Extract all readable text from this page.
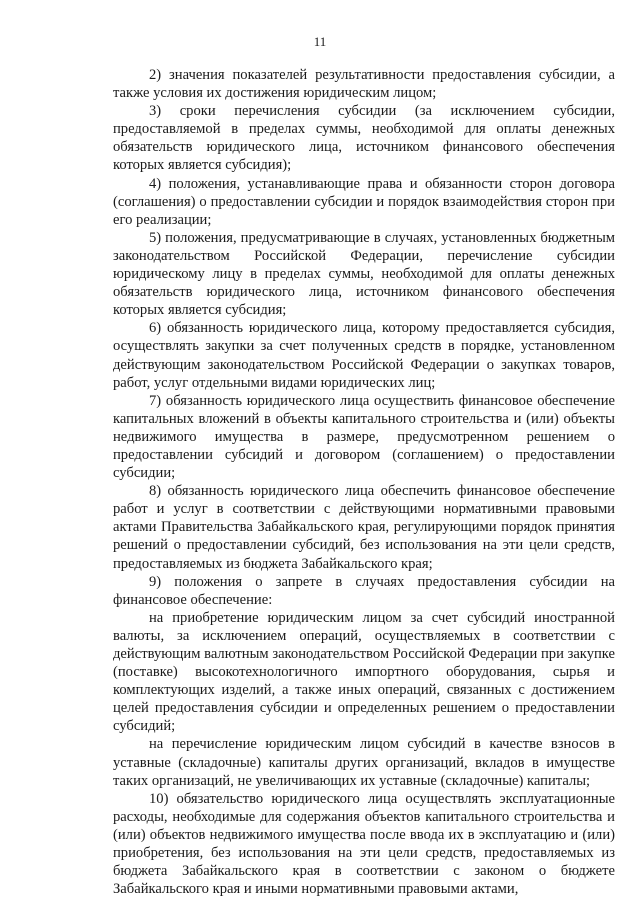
11

2) значения показателей результативности предоставления субсидии, а также условия их достижения юридическим лицом;

3) сроки перечисления субсидии (за исключением субсидии, предоставляемой в пределах суммы, необходимой для оплаты денежных обязательств юридического лица, источником финансового обеспечения которых является субсидия);

4) положения, устанавливающие права и обязанности сторон договора (соглашения) о предоставлении субсидии и порядок взаимодействия сторон при его реализации;

5) положения, предусматривающие в случаях, установленных бюджетным законодательством Российской Федерации, перечисление субсидии юридическому лицу в пределах суммы, необходимой для оплаты денежных обязательств юридического лица, источником финансового обеспечения которых является субсидия;

6) обязанность юридического лица, которому предоставляется субсидия, осуществлять закупки за счет полученных средств в порядке, установленном действующим законодательством Российской Федерации о закупках товаров, работ, услуг отдельными видами юридических лиц;

7) обязанность юридического лица осуществить финансовое обеспечение капитальных вложений в объекты капитального строительства и (или) объекты недвижимого имущества в размере, предусмотренном решением о предоставлении субсидий и договором (соглашением) о предоставлении субсидии;

8) обязанность юридического лица обеспечить финансовое обеспечение работ и услуг в соответствии с действующими нормативными правовыми актами Правительства Забайкальского края, регулирующими порядок принятия решений о предоставлении субсидий, без использования на эти цели средств, предоставляемых из бюджета Забайкальского края;

9) положения о запрете в случаях предоставления субсидии на финансовое обеспечение:

на приобретение юридическим лицом за счет субсидий иностранной валюты, за исключением операций, осуществляемых в соответствии с действующим валютным законодательством Российской Федерации при закупке (поставке) высокотехнологичного импортного оборудования, сырья и комплектующих изделий, а также иных операций, связанных с достижением целей предоставления субсидии и определенных решением о предоставлении субсидий;

на перечисление юридическим лицом субсидий в качестве взносов в уставные (складочные) капиталы других организаций, вкладов в имуществе таких организаций, не увеличивающих их уставные (складочные) капиталы;

10) обязательство юридического лица осуществлять эксплуатационные расходы, необходимые для содержания объектов капитального строительства и (или) объектов недвижимого имущества после ввода их в эксплуатацию и (или) приобретения, без использования на эти цели средств, предоставляемых из бюджета Забайкальского края в соответствии с законом о бюджете Забайкальского края и иными нормативными правовыми актами,
